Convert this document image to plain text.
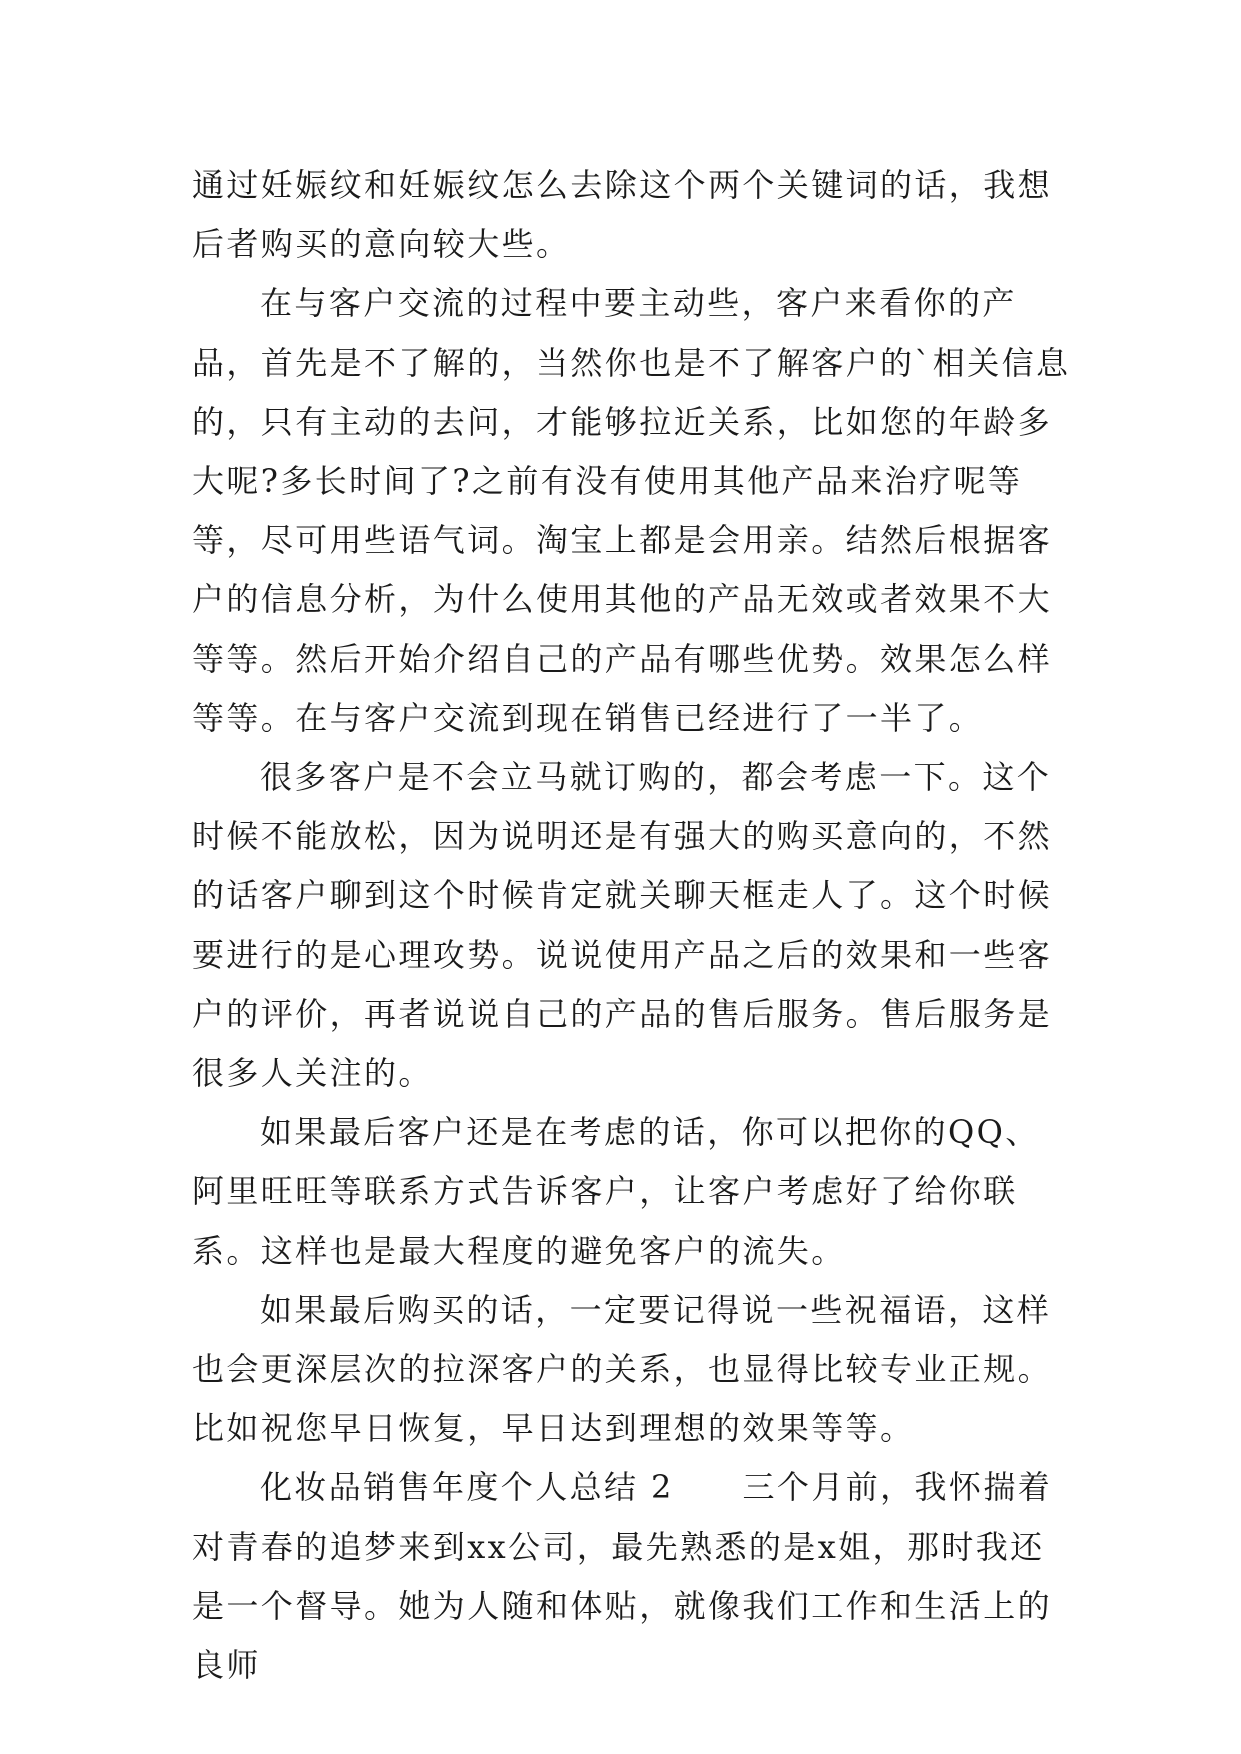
通过妊娠纹和妊娠纹怎么去除这个两个关键词的话，我想后者购买的意向较大些。

在与客户交流的过程中要主动些，客户来看你的产品，首先是不了解的，当然你也是不了解客户的`相关信息的，只有主动的去问，才能够拉近关系，比如您的年龄多大呢?多长时间了?之前有没有使用其他产品来治疗呢等等，尽可用些语气词。淘宝上都是会用亲。结然后根据客户的信息分析，为什么使用其他的产品无效或者效果不大等等。然后开始介绍自己的产品有哪些优势。效果怎么样等等。在与客户交流到现在销售已经进行了一半了。

很多客户是不会立马就订购的，都会考虑一下。这个时候不能放松，因为说明还是有强大的购买意向的，不然的话客户聊到这个时候肯定就关聊天框走人了。这个时候要进行的是心理攻势。说说使用产品之后的效果和一些客户的评价，再者说说自己的产品的售后服务。售后服务是很多人关注的。

如果最后客户还是在考虑的话，你可以把你的QQ、阿里旺旺等联系方式告诉客户，让客户考虑好了给你联系。这样也是最大程度的避免客户的流失。

如果最后购买的话，一定要记得说一些祝福语，这样也会更深层次的拉深客户的关系，也显得比较专业正规。比如祝您早日恢复，早日达到理想的效果等等。

化妆品销售年度个人总结 2　　三个月前，我怀揣着对青春的追梦来到xx公司，最先熟悉的是x姐，那时我还是一个督导。她为人随和体贴，就像我们工作和生活上的良师
